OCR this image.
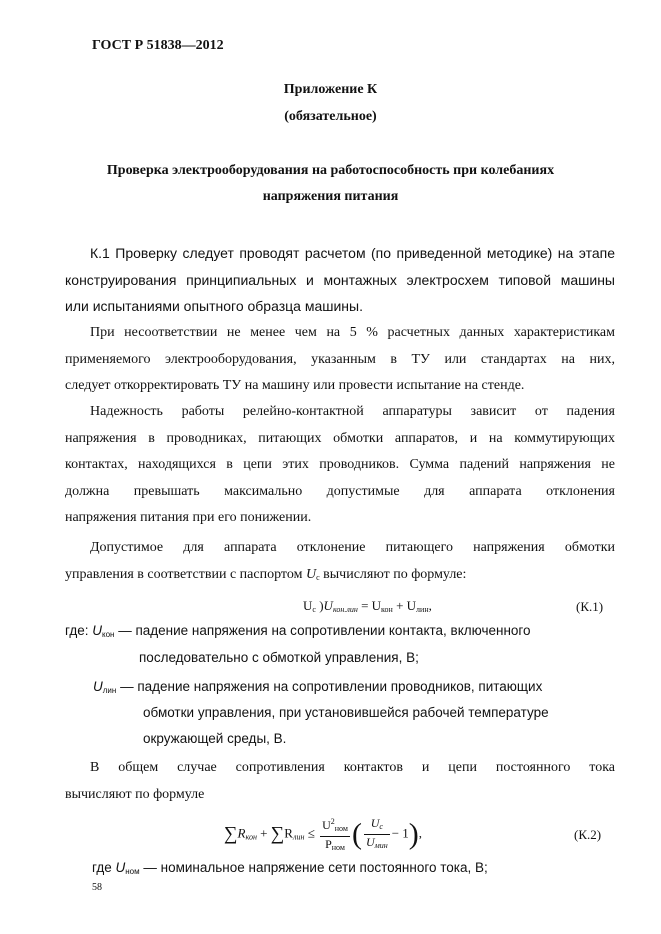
ГОСТ Р 51838—2012
Приложение К
(обязательное)
Проверка электрооборудования на работоспособность при колебаниях
напряжения питания
К.1 Проверку следует проводят расчетом (по приведенной методике) на этапе
конструирования принципиальных и монтажных электросхем типовой машины
или испытаниями опытного образца машины.
При несоответствии не менее чем на 5 % расчетных данных характеристикам
применяемого электрооборудования, указанным в ТУ или стандартах на них,
следует откорректировать ТУ на машину или провести испытание на стенде.
Надежность работы релейно-контактной аппаратуры зависит от падения
напряжения в проводниках, питающих обмотки аппаратов, и на коммутирующих
контактах, находящихся в цепи этих проводников. Сумма падений напряжения не
должна превышать максимально допустимые для аппарата отклонения
напряжения питания при его понижении.
Допустимое для аппарата отклонение питающего напряжения обмотки
управления в соответствии с паспортом $U_с$ вычисляют по формуле:
$U_с$ )$U_{кон.лин} = U_{кон} + U_{лин}$,	(К.1)
где: $U_{кон}$ — падение напряжения на сопротивлении контакта, включенного
последовательно с обмоткой управления, В;
$U_{лин}$ — падение напряжения на сопротивлении проводников, питающих
обмотки управления, при установившейся рабочей температуре
окружающей среды, В.
В общем случае сопротивления контактов и цепи постоянного тока
вычисляют по формуле
$\sum R_{кон} + \sum R_{лин} \le \frac{U^2_{ном}}{P_{ном}}$ ( $\frac{U_с}{U_{мин}} - 1$),	(К.2)
где $U_{ном}$ — номинальное напряжение сети постоянного тока, В;
58
